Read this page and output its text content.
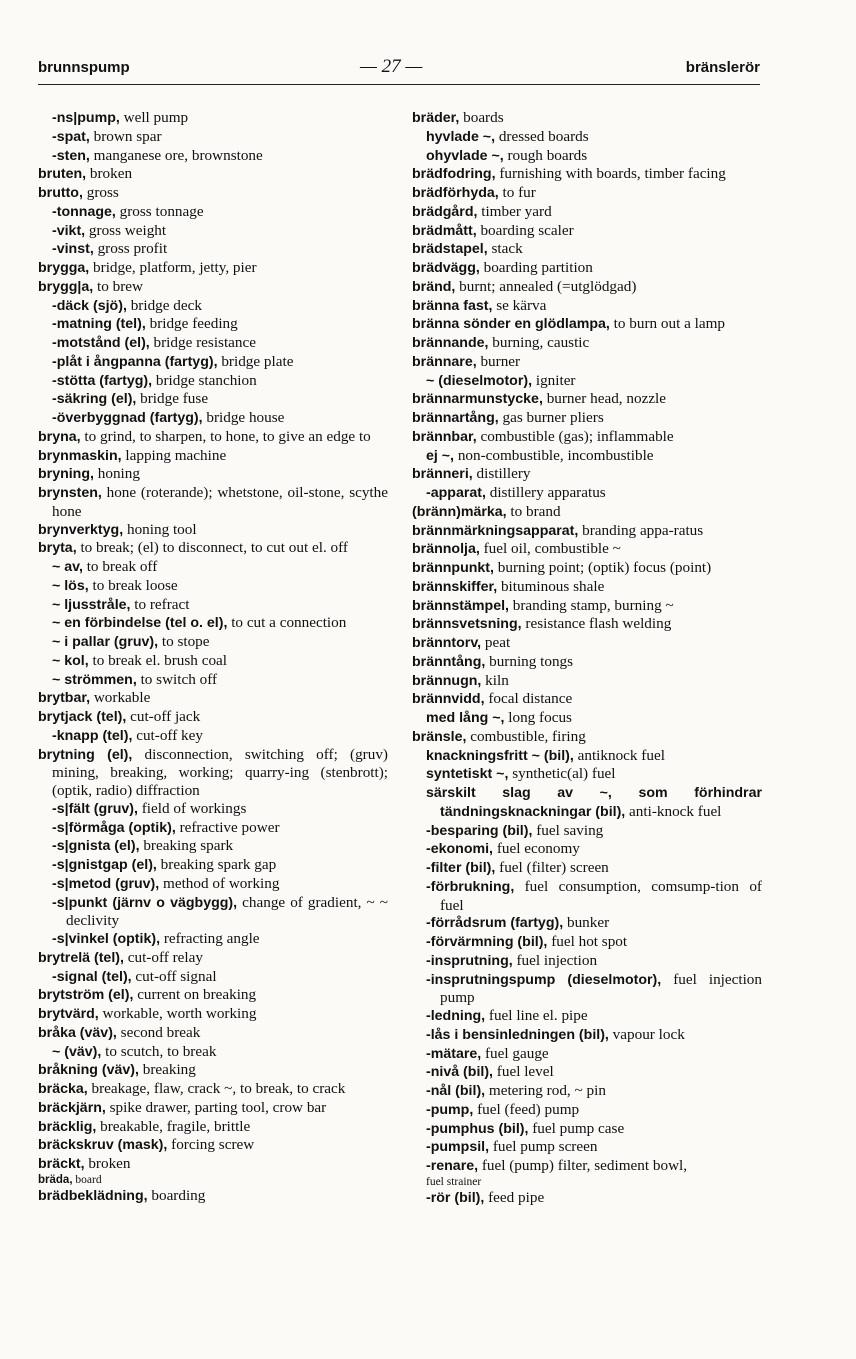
brunnspump	— 27 —	bränslerör
-ns|pump, well pump
-spat, brown spar
-sten, manganese ore, brownstone
bruten, broken
brutto, gross
-tonnage, gross tonnage
-vikt, gross weight
-vinst, gross profit
brygga, bridge, platform, jetty, pier
brygg|a, to brew
-däck (sjö), bridge deck
-matning (tel), bridge feeding
-motstånd (el), bridge resistance
-plåt i ångpanna (fartyg), bridge plate
-stötta (fartyg), bridge stanchion
-säkring (el), bridge fuse
-överbyggnad (fartyg), bridge house
bryna, to grind, to sharpen, to hone, to give an edge to
brynmaskin, lapping machine
bryning, honing
brynsten, hone (roterande); whetstone, oil-stone, scythe hone
brynverktyg, honing tool
bryta, to break; (el) to disconnect, to cut out el. off
~ av, to break off
~ lös, to break loose
~ ljusstråle, to refract
~ en förbindelse (tel o. el), to cut a connection
~ i pallar (gruv), to stope
~ kol, to break el. brush coal
~ strömmen, to switch off
brytbar, workable
brytjack (tel), cut-off jack
-knapp (tel), cut-off key
brytning (el), disconnection, switching off; (gruv) mining, breaking, working; quarry-ing (stenbrott); (optik, radio) diffraction
-s|fält (gruv), field of workings
-s|förmåga (optik), refractive power
-s|gnista (el), breaking spark
-s|gnistgap (el), breaking spark gap
-s|metod (gruv), method of working
-s|punkt (järnv o vägbygg), change of gradient, ~ ~ declivity
-s|vinkel (optik), refracting angle
brytrelä (tel), cut-off relay
-signal (tel), cut-off signal
brytström (el), current on breaking
brytvärd, workable, worth working
bråka (väv), second break
~ (väv), to scutch, to break
bråkning (väv), breaking
bräcka, breakage, flaw, crack ~, to break, to crack
bräckjärn, spike drawer, parting tool, crow bar
bräcklig, breakable, fragile, brittle
bräckskruv (mask), forcing screw
bräckt, broken
bräda, board
brädbeklädning, boarding
bräder, boards
hyvlade ~, dressed boards
ohyvlade ~, rough boards
brädfodring, furnishing with boards, timber facing
brädförhyda, to fur
brädgård, timber yard
brädmått, boarding scaler
brädstapel, stack
brädvägg, boarding partition
bränd, burnt; annealed (=utglödgad)
bränna fast, se kärva
bränna sönder en glödlampa, to burn out a lamp
brännande, burning, caustic
brännare, burner
~ (dieselmotor), igniter
brännarmunstycke, burner head, nozzle
brännartång, gas burner pliers
brännbar, combustible (gas); inflammable
ej ~, non-combustible, incombustible
bränneri, distillery
-apparat, distillery apparatus
(bränn)märka, to brand
brännmärkningsapparat, branding appa-ratus
brännolja, fuel oil, combustible ~
brännpunkt, burning point; (optik) focus (point)
brännskiffer, bituminous shale
brännstämpel, branding stamp, burning ~
brännsvetsning, resistance flash welding
bränntorv, peat
bränntång, burning tongs
brännugn, kiln
brännvidd, focal distance
med lång ~, long focus
bränsle, combustible, firing
knackningsfritt ~ (bil), antiknock fuel
syntetiskt ~, synthetic(al) fuel
särskilt slag av ~, som förhindrar tändningsknackningar (bil), anti-knock fuel
-besparing (bil), fuel saving
-ekonomi, fuel economy
-filter (bil), fuel (filter) screen
-förbrukning, fuel consumption, comsump-tion of fuel
-förrådsrum (fartyg), bunker
-förvärmning (bil), fuel hot spot
-insprutning, fuel injection
-insprutningspump (dieselmotor), fuel injection pump
-ledning, fuel line el. pipe
-lås i bensinledningen (bil), vapour lock
-mätare, fuel gauge
-nivå (bil), fuel level
-nål (bil), metering rod, ~ pin
-pump, fuel (feed) pump
-pumphus (bil), fuel pump case
-pumpsil, fuel pump screen
-renare, fuel (pump) filter, sediment bowl,
fuel strainer
-rör (bil), feed pipe
